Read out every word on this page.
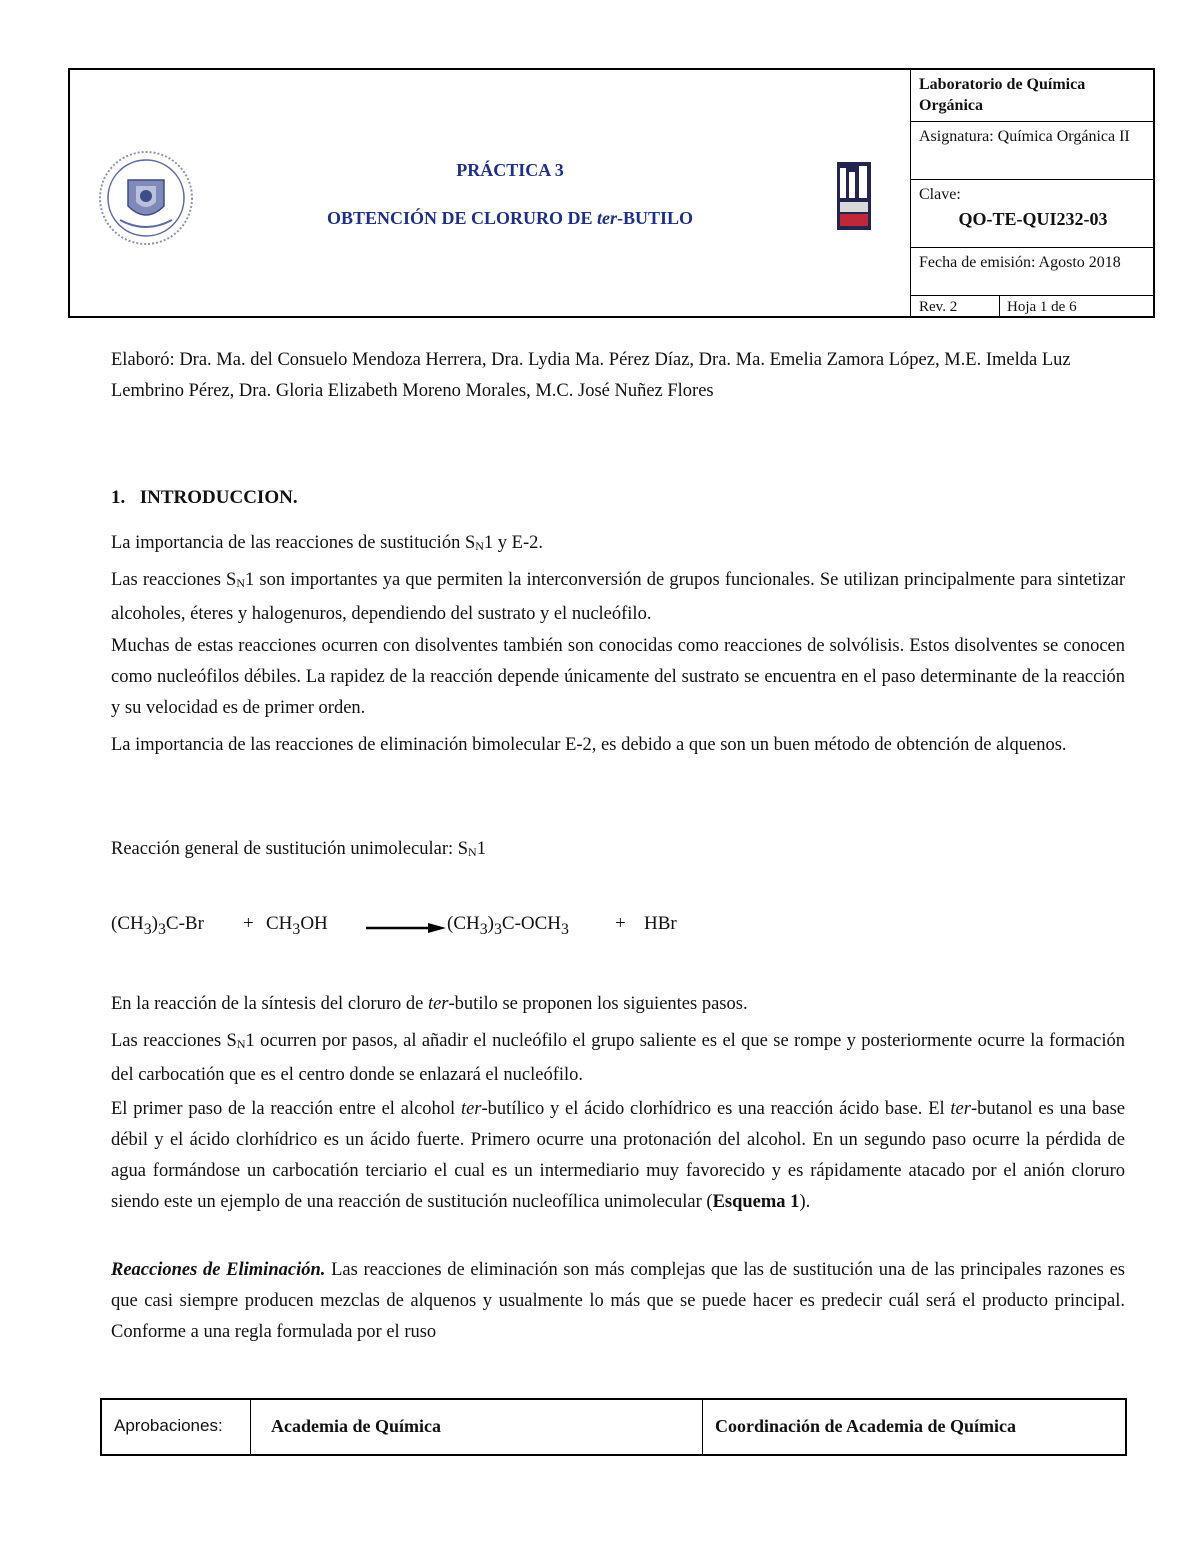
PRÁCTICA 3
OBTENCIÓN DE CLORURO DE ter-BUTILO
Laboratorio de Química Orgánica
Asignatura: Química Orgánica II
Clave:
QO-TE-QUI232-03
Fecha de emisión: Agosto 2018
Rev. 2	Hoja 1 de 6
Elaboró: Dra. Ma. del Consuelo Mendoza Herrera, Dra. Lydia Ma. Pérez Díaz, Dra. Ma. Emelia Zamora López, M.E. Imelda Luz Lembrino Pérez, Dra. Gloria Elizabeth Moreno Morales, M.C. José Nuñez Flores
1. INTRODUCCION.
La importancia de las reacciones de sustitución $S_N1$ y E-2.
Las reacciones $S_N1$ son importantes ya que permiten la interconversión de grupos funcionales. Se utilizan principalmente para sintetizar alcoholes, éteres y halogenuros, dependiendo del sustrato y el nucleófilo.
Muchas de estas reacciones ocurren con disolventes también son conocidas como reacciones de solvólisis. Estos disolventes se conocen como nucleófilos débiles. La rapidez de la reacción depende únicamente del sustrato se encuentra en el paso determinante de la reacción y su velocidad es de primer orden.
La importancia de las reacciones de eliminación bimolecular E-2, es debido a que son un buen método de obtención de alquenos.
Reacción general de sustitución unimolecular: $S_N1$
$(CH_3)_3C-Br + CH_3OH$	$(CH_3)_3C-OCH_3$ + HBr
En la reacción de la síntesis del cloruro de ter-butilo se proponen los siguientes pasos.
Las reacciones $S_N1$ ocurren por pasos, al añadir el nucleófilo el grupo saliente es el que se rompe y posteriormente ocurre la formación del carbocatión que es el centro donde se enlazará el nucleófilo.
El primer paso de la reacción entre el alcohol ter-butílico y el ácido clorhídrico es una reacción ácido base. El ter-butanol es una base débil y el ácido clorhídrico es un ácido fuerte. Primero ocurre una protonación del alcohol. En un segundo paso ocurre la pérdida de agua formándose un carbocatión terciario el cual es un intermediario muy favorecido y es rápidamente atacado por el anión cloruro siendo este un ejemplo de una reacción de sustitución nucleofílica unimolecular (Esquema 1).
Reacciones de Eliminación. Las reacciones de eliminación son más complejas que las de sustitución una de las principales razones es que casi siempre producen mezclas de alquenos y usualmente lo más que se puede hacer es predecir cuál será el producto principal. Conforme a una regla formulada por el ruso
Aprobaciones:	Academia de Química	Coordinación de Academia de Química
